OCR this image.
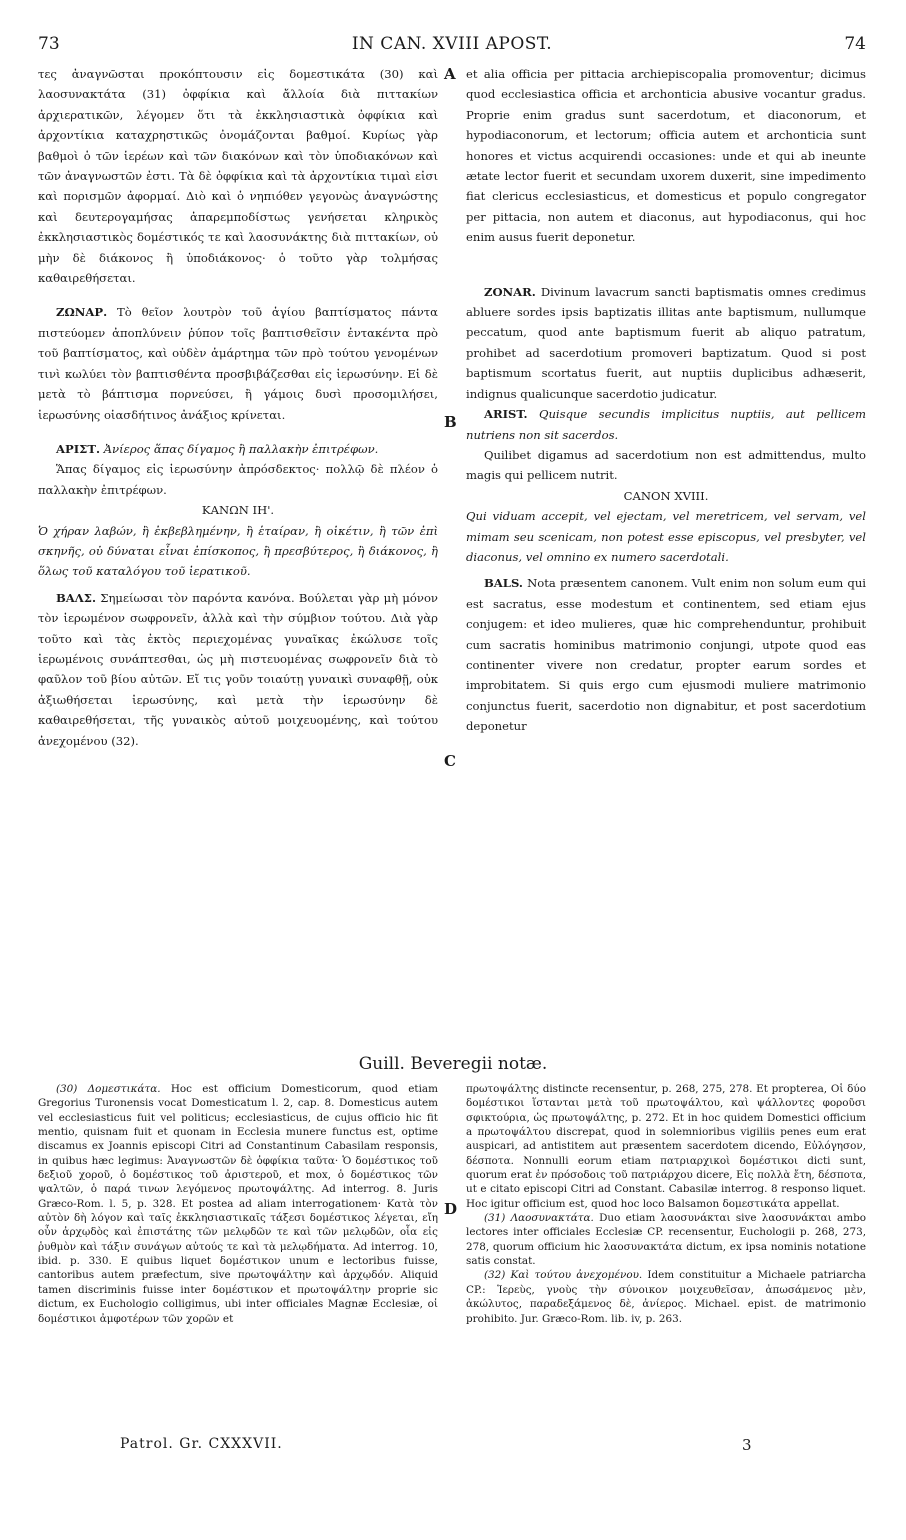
73	IN CAN. XVIII APOST.	74
A
B
C
D

τες ἀναγνῶσται προκόπτουσιν εἰς δομεστικάτα (30) καὶ λαοσυνακτάτα (31) ὀφφίκια καὶ ἄλλοία διὰ πιττακίων ἀρχιερατικῶν, λέγομεν ὅτι τὰ ἐκκλησιαστικὰ ὀφφίκια καὶ ἀρχοντίκια καταχρηστικῶς ὀνομάζονται βαθμοί. Κυρίως γὰρ βαθμοὶ ὁ τῶν ἱερέων καὶ τῶν διακόνων καὶ τὸν ὑποδιακόνων καὶ τῶν ἀναγνωστῶν ἐστι. Τὰ δὲ ὀφφίκια καὶ τὰ ἀρχοντίκια τιμαὶ εἰσι καὶ πορισμῶν ἀφορμαί. Διὸ καὶ ὁ νηπιόθεν γεγονὼς ἀναγνώστης καὶ δευτερογαμήσας ἀπαρεμποδίστως γενήσεται κληρικὸς ἐκκλησιαστικὸς δομέστικός τε καὶ λαοσυνάκτης διὰ πιττακίων, οὐ μὴν δὲ διάκονος ἢ ὑποδιάκονος· ὁ τοῦτο γὰρ τολμήσας καθαιρεθήσεται.

ΖΩΝΑΡ. Τὸ θεῖον λουτρὸν τοῦ ἁγίου βαπτίσματος πάντα πιστεύομεν ἀποπλύνειν ῥύπον τοῖς βαπτισθεῖσιν ἐντακέντα πρὸ τοῦ βαπτίσματος, καὶ οὐδὲν ἁμάρτημα τῶν πρὸ τούτου γενομένων τινὶ κωλύει τὸν βαπτισθέντα προσβιβάζεσθαι εἰς ἱερωσύνην. Εἰ δὲ μετὰ τὸ βάπτισμα πορνεύσει, ἢ γάμοις δυσὶ προσομιλήσει, ἱερωσύνης οἱασδήτινος ἀνάξιος κρίνεται.

ΑΡΙΣΤ. Ἀνίερος ἅπας δίγαμος ἢ παλλακὴν ἐπιτρέφων.

Ἅπας δίγαμος εἰς ἱερωσύνην ἀπρόσδεκτος· πολλῷ δὲ πλέον ὁ παλλακὴν ἐπιτρέφων.

ΚΑΝΩΝ ΙΗ'.

Ὁ χήραν λαβών, ἢ ἐκβεβλημένην, ἢ ἑταίραν, ἢ οἰκέτιν, ἢ τῶν ἐπὶ σκηνῆς, οὐ δύναται εἶναι ἐπίσκοπος, ἢ πρεσβύτερος, ἢ διάκονος, ἢ ὅλως τοῦ καταλόγου τοῦ ἱερατικοῦ.

ΒΑΛΣ. Σημείωσαι τὸν παρόντα κανόνα. Βούλεται γὰρ μὴ μόνον τὸν ἱερωμένον σωφρονεῖν, ἀλλὰ καὶ τὴν σύμβιον τούτου. Διὰ γὰρ τοῦτο καὶ τὰς ἐκτὸς περιεχομένας γυναῖκας ἐκώλυσε τοῖς ἱερωμένοις συνάπτεσθαι, ὡς μὴ πιστευομένας σωφρονεῖν διὰ τὸ φαῦλον τοῦ βίου αὐτῶν. Εἴ τις γοῦν τοιαύτῃ γυναικὶ συναφθῇ, οὐκ ἀξιωθήσεται ἱερωσύνης, καὶ μετὰ τὴν ἱερωσύνην δὲ καθαιρεθήσεται, τῆς γυναικὸς αὐτοῦ μοιχευομένης, καὶ τούτου ἀνεχομένου (32).

et alia officia per pittacia archiepiscopalia promoventur; dicimus quod ecclesiastica officia et archonticia abusive vocantur gradus. Proprie enim gradus sunt sacerdotum, et diaconorum, et hypodiaconorum, et lectorum; officia autem et archonticia sunt honores et victus acquirendi occasiones: unde et qui ab ineunte ætate lector fuerit et secundam uxorem duxerit, sine impedimento fiat clericus ecclesiasticus, et domesticus et populo congregator per pittacia, non autem et diaconus, aut hypodiaconus, qui hoc enim ausus fuerit deponetur.

ZONAR. Divinum lavacrum sancti baptismatis omnes credimus abluere sordes ipsis baptizatis illitas ante baptismum, nullumque peccatum, quod ante baptismum fuerit ab aliquo patratum, prohibet ad sacerdotium promoveri baptizatum. Quod si post baptismum scortatus fuerit, aut nuptiis duplicibus adhæserit, indignus qualicunque sacerdotio judicatur.

ARIST. Quisque secundis implicitus nuptiis, aut pellicem nutriens non sit sacerdos.

Quilibet digamus ad sacerdotium non est admittendus, multo magis qui pellicem nutrit.

CANON XVIII.

Qui viduam accepit, vel ejectam, vel meretricem, vel servam, vel mimam seu scenicam, non potest esse episcopus, vel presbyter, vel diaconus, vel omnino ex numero sacerdotali.

BALS. Nota præsentem canonem. Vult enim non solum eum qui est sacratus, esse modestum et continentem, sed etiam ejus conjugem: et ideo mulieres, quæ hic comprehenduntur, prohibuit cum sacratis hominibus matrimonio conjungi, utpote quod eas continenter vivere non credatur, propter earum sordes et improbitatem. Si quis ergo cum ejusmodi muliere matrimonio conjunctus fuerit, sacerdotio non dignabitur, et post sacerdotium deponetur

Guill. Beveregii notæ.

(30) Δομεστικάτα. Hoc est officium Domesticorum, quod etiam Gregorius Turonensis vocat Domesticatum l. 2, cap. 8. Domesticus autem vel ecclesiasticus fuit vel politicus; ecclesiasticus, de cujus officio hic fit mentio, quisnam fuit et quonam in Ecclesia munere functus est, optime discamus ex Joannis episcopi Citri ad Constantinum Cabasilam responsis, in quibus hæc legimus: Ἀναγνωστῶν δὲ ὀφφίκια ταῦτα· Ὁ δομέστικος τοῦ δεξιοῦ χοροῦ, ὁ δομέστικος τοῦ ἀριστεροῦ, et mox, ὁ δομέστικος τῶν ψαλτῶν, ὁ παρά τινων λεγόμενος πρωτοψάλτης. Ad interrog. 8. Juris Græco-Rom. l. 5, p. 328. Et postea ad aliam interrogationem· Κατὰ τὸν αὐτὸν δὴ λόγον καὶ ταῖς ἐκκλησιαστικαῖς τάξεσι δομέστικος λέγεται, εἴη οὖν ἀρχῳδὸς καὶ ἐπιστάτης τῶν μελῳδῶν τε καὶ τῶν μελῳδῶν, οἷα εἰς ῥυθμὸν καὶ τάξιν συνάγων αὐτούς τε καὶ τὰ μελῳδήματα. Ad interrog. 10, ibid. p. 330. E quibus liquet δομέστικον unum e lectoribus fuisse, cantoribus autem præfectum, sive πρωτοψάλτην καὶ ἀρχῳδόν. Aliquid tamen discriminis fuisse inter δομέστικον et πρωτοψάλτην proprie sic dictum, ex Euchologio colligimus, ubi inter officiales Magnæ Ecclesiæ, οἱ δομέστικοι ἀμφοτέρων τῶν χορῶν et

πρωτοψάλτης distincte recensentur, p. 268, 275, 278. Et propterea, Οἱ δύο δομέστικοι ἵστανται μετὰ τοῦ πρωτοψάλτου, καὶ ψάλλοντες φοροῦσι σφικτούρια, ὡς πρωτοψάλτης, p. 272. Et in hoc quidem Domestici officium a πρωτοψάλτου discrepat, quod in solemnioribus vigiliis penes eum erat auspicari, ad antistitem aut præsentem sacerdotem dicendo, Εὐλόγησον, δέσποτα. Nonnulli eorum etiam πατριαρχικοὶ δομέστικοι dicti sunt, quorum erat ἐν πρόσοδοις τοῦ πατριάρχου dicere, Εἰς πολλὰ ἔτη, δέσποτα, ut e citato episcopi Citri ad Constant. Cabasilæ interrog. 8 responso liquet. Hoc igitur officium est, quod hoc loco Balsamon δομεστικάτα appellat.

(31) Λαοσυνακτάτα. Duo etiam λαοσυνάκται sive λαοσυνάκται ambo lectores inter officiales Ecclesiæ CP. recensentur, Euchologii p. 268, 273, 278, quorum officium hic λαοσυνακτάτα dictum, ex ipsa nominis notatione satis constat.

(32) Καὶ τούτου ἀνεχομένου. Idem constituitur a Michaele patriarcha CP.: Ἱερεὺς, γνοὺς τὴν σύνοικον μοιχευθεῖσαν, ἀπωσάμενος μὲν, ἀκώλυτος, παραδεξάμενος δὲ, ἀνίερος. Michael. epist. de matrimonio prohibito. Jur. Græco-Rom. lib. iv, p. 263.

Patrol. Gr. CXXXVII.	3
